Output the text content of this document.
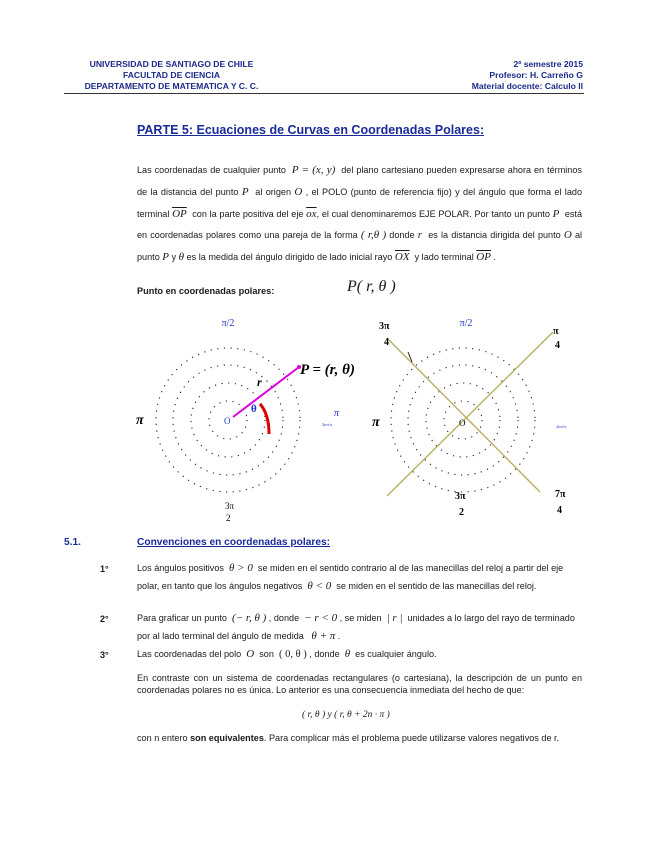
UNIVERSIDAD DE SANTIAGO DE CHILE
FACULTAD DE CIENCIA
DEPARTAMENTO DE MATEMATICA Y C. C.
2º semestre 2015
Profesor: H. Carreño G
Material docente: Calculo II
PARTE 5: Ecuaciones de Curvas en Coordenadas Polares:
Las coordenadas de cualquier punto P = (x, y) del plano cartesiano pueden expresarse ahora en términos de la distancia del punto P al origen O , el POLO (punto de referencia fijo) y del ángulo que forma el lado terminal $\overline{OP}$ con la parte positiva del eje $\overline{ox}$, el cual denominaremos EJE POLAR. Por tanto un punto P está en coordenadas polares como una pareja de la forma ( r,θ ) donde r es la distancia dirigida del punto O al punto P y θ es la medida del ángulo dirigido de lado inicial rayo $\overline{OX}$ y lado terminal $\overline{OP}$ .
Punto en coordenadas polares:	P( r, θ )
π/2
π	π
2nπ/π
3π
2
O
r
θ
P = (r, θ)
π/2
π	2nπ/π
3π
4
π
4
3π
2
7π
4
O
5.1.	Convenciones en coordenadas polares:
1°	Los ángulos positivos θ > 0 se miden en el sentido contrario al de las manecillas del reloj a partir del eje polar, en tanto que los ángulos negativos θ < 0 se miden en el sentido de las manecillas del reloj.
2°	Para graficar un punto (− r, θ ) , donde − r < 0 , se miden | r | unidades a lo largo del rayo de terminado por al lado terminal del ángulo de medida θ + π .
3°	Las coordenadas del polo O son ( 0, θ ) , donde θ es cualquier ángulo.
En contraste con un sistema de coordenadas rectangulares (o cartesiana), la descripción de un punto en coordenadas polares no es única. Lo anterior es una consecuencia inmediata del hecho de que:
( r, θ ) y ( r, θ + 2n · π )
con n entero son equivalentes. Para complicar más el problema puede utilizarse valores negativos de r.
